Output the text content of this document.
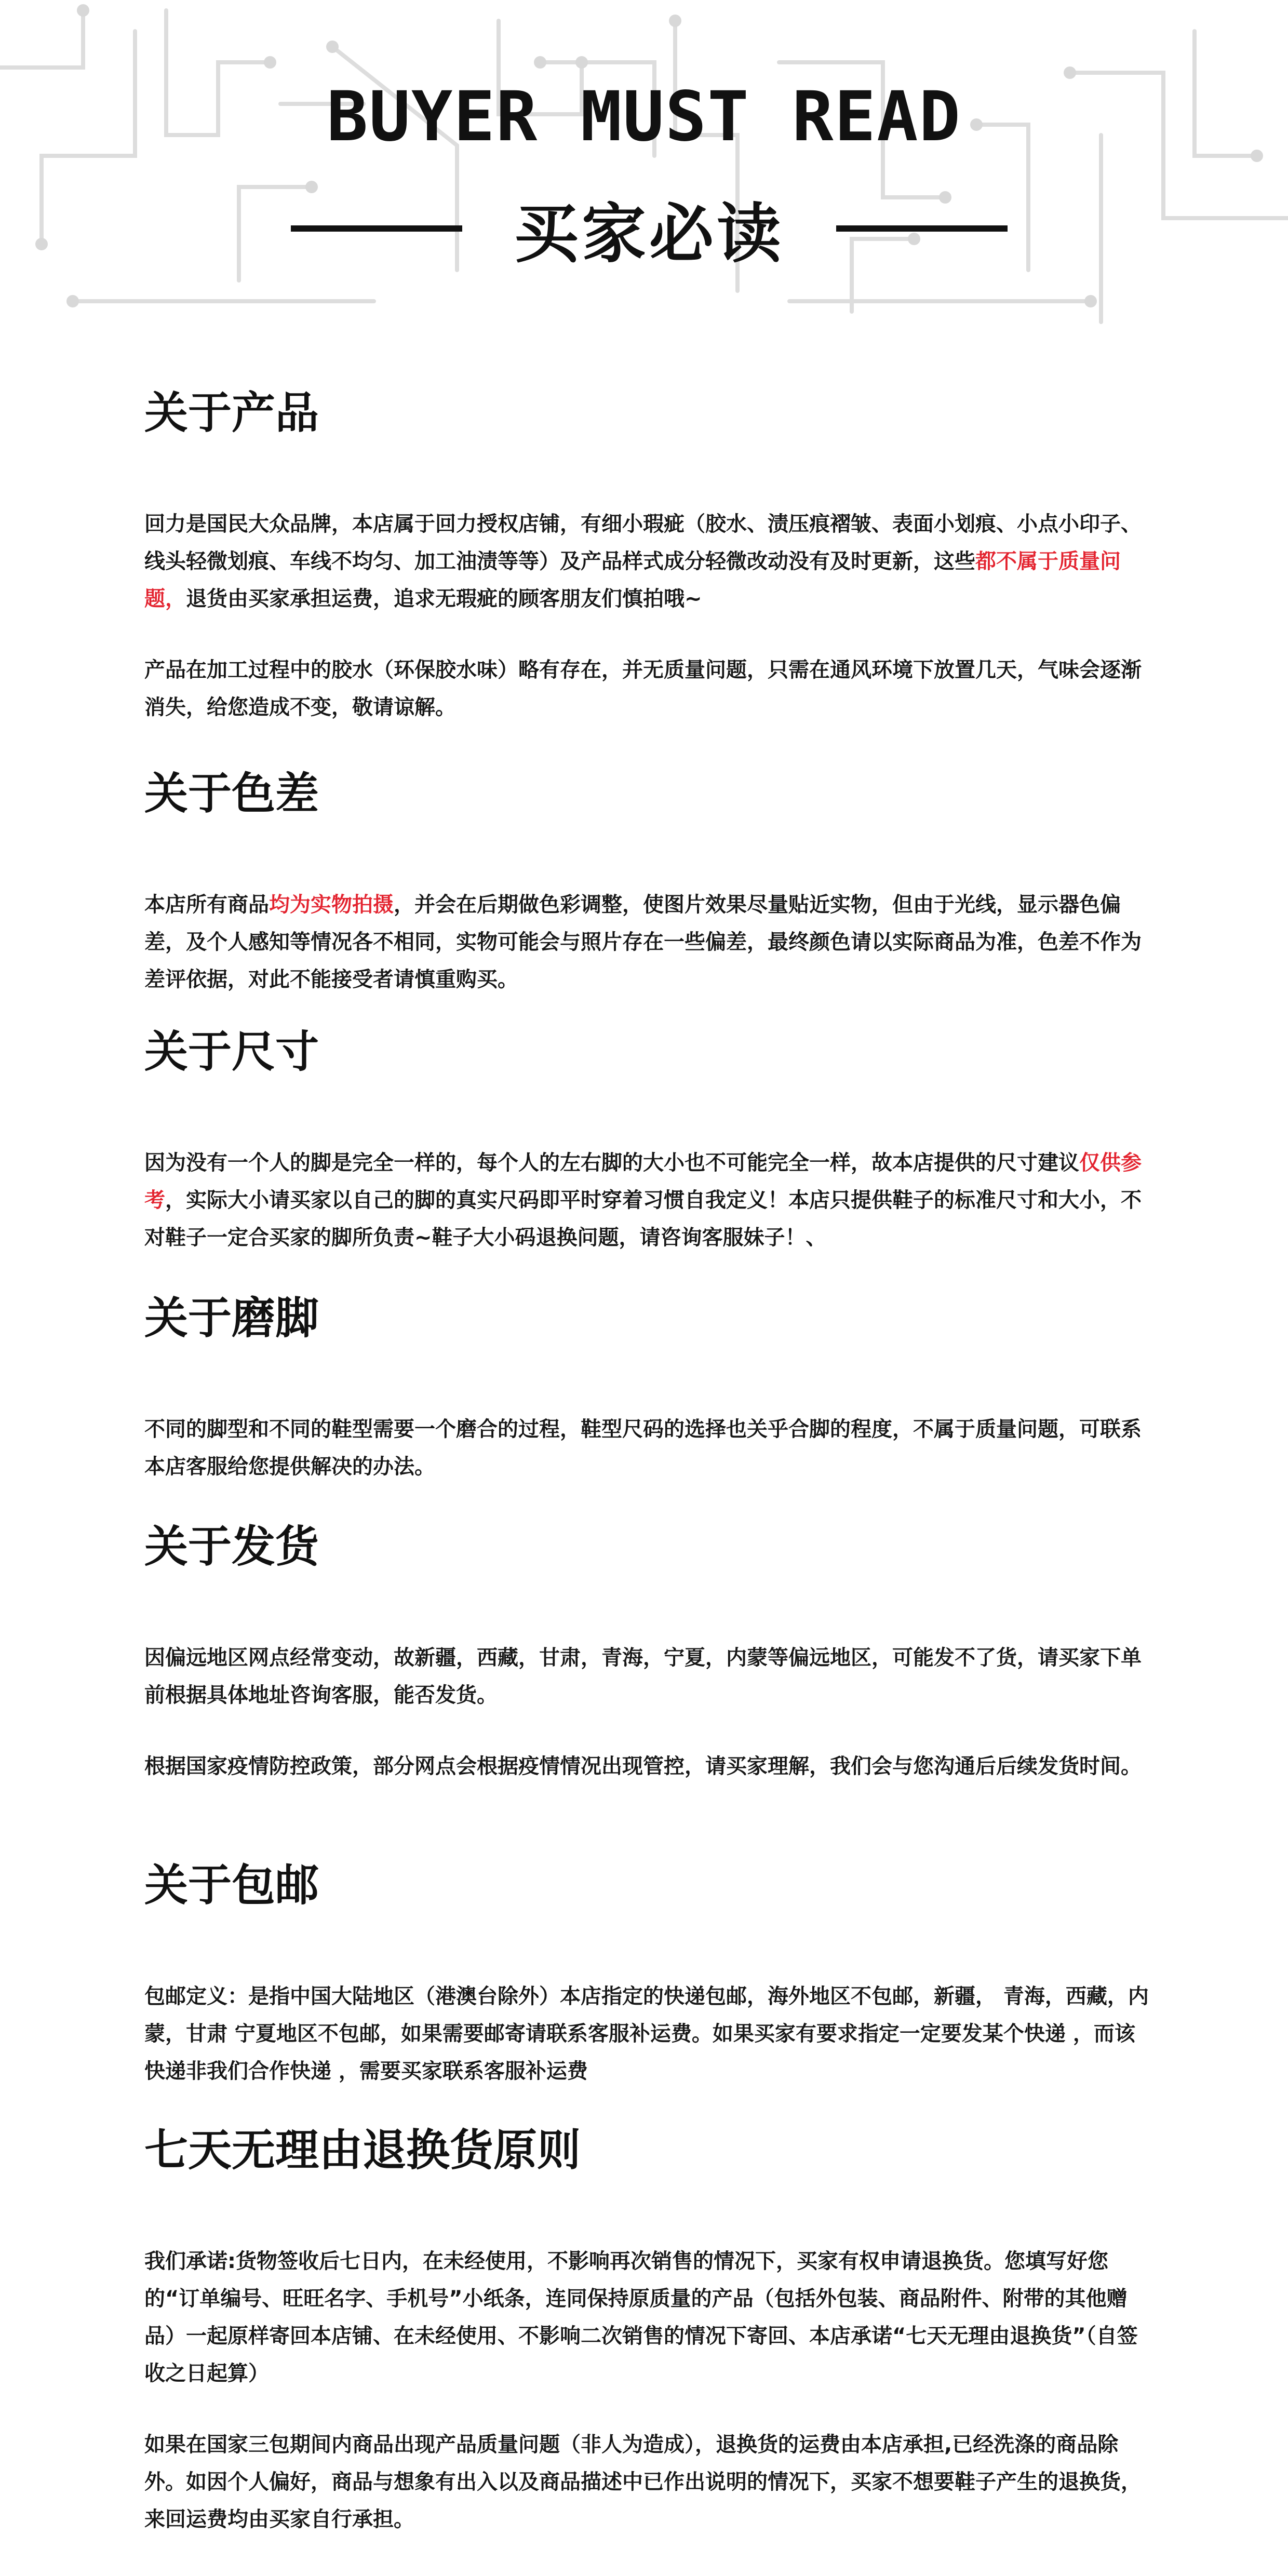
BUYER MUST READ
买家必读
关于产品

回力是国民大众品牌，本店属于回力授权店铺，有细小瑕疵（胶水、渍压痕褶皱、表面小划痕、小点小印子、线头轻微划痕、车线不均匀、加工油渍等等）及产品样式成分轻微改动没有及时更新，这些都不属于质量问题，退货由买家承担运费，追求无瑕疵的顾客朋友们慎拍哦~

产品在加工过程中的胶水（环保胶水味）略有存在，并无质量问题，只需在通风环境下放置几天，气味会逐渐消失，给您造成不变，敬请谅解。

关于色差

本店所有商品均为实物拍摄，并会在后期做色彩调整，使图片效果尽量贴近实物，但由于光线，显示器色偏差，及个人感知等情况各不相同，实物可能会与照片存在一些偏差，最终颜色请以实际商品为准，色差不作为差评依据，对此不能接受者请慎重购买。

关于尺寸

因为没有一个人的脚是完全一样的，每个人的左右脚的大小也不可能完全一样，故本店提供的尺寸建议仅供参考，实际大小请买家以自己的脚的真实尺码即平时穿着习惯自我定义！本店只提供鞋子的标准尺寸和大小，不对鞋子一定合买家的脚所负责~鞋子大小码退换问题，请咨询客服妹子！、

关于磨脚

不同的脚型和不同的鞋型需要一个磨合的过程，鞋型尺码的选择也关乎合脚的程度，不属于质量问题，可联系本店客服给您提供解决的办法。

关于发货

因偏远地区网点经常变动，故新疆，西藏，甘肃，青海，宁夏，内蒙等偏远地区，可能发不了货，请买家下单前根据具体地址咨询客服，能否发货。

根据国家疫情防控政策，部分网点会根据疫情情况出现管控，请买家理解，我们会与您沟通后后续发货时间。

关于包邮

包邮定义：是指中国大陆地区（港澳台除外）本店指定的快递包邮，海外地区不包邮，新疆， 青海，西藏，内蒙，甘肃 宁夏地区不包邮，如果需要邮寄请联系客服补运费。如果买家有要求指定一定要发某个快递 ，而该快递非我们合作快递 ，需要买家联系客服补运费

七天无理由退换货原则

我们承诺:货物签收后七日内，在未经使用，不影响再次销售的情况下，买家有权申请退换货。您填写好您的“订单编号、旺旺名字、手机号”小纸条，连同保持原质量的产品（包括外包装、商品附件、附带的其他赠品）一起原样寄回本店铺、在未经使用、不影响二次销售的情况下寄回、本店承诺“七天无理由退换货”（自签收之日起算）

如果在国家三包期间内商品出现产品质量问题（非人为造成），退换货的运费由本店承担,已经洗涤的商品除外。如因个人偏好，商品与想象有出入以及商品描述中已作出说明的情况下，买家不想要鞋子产生的退换货，来回运费均由买家自行承担。
